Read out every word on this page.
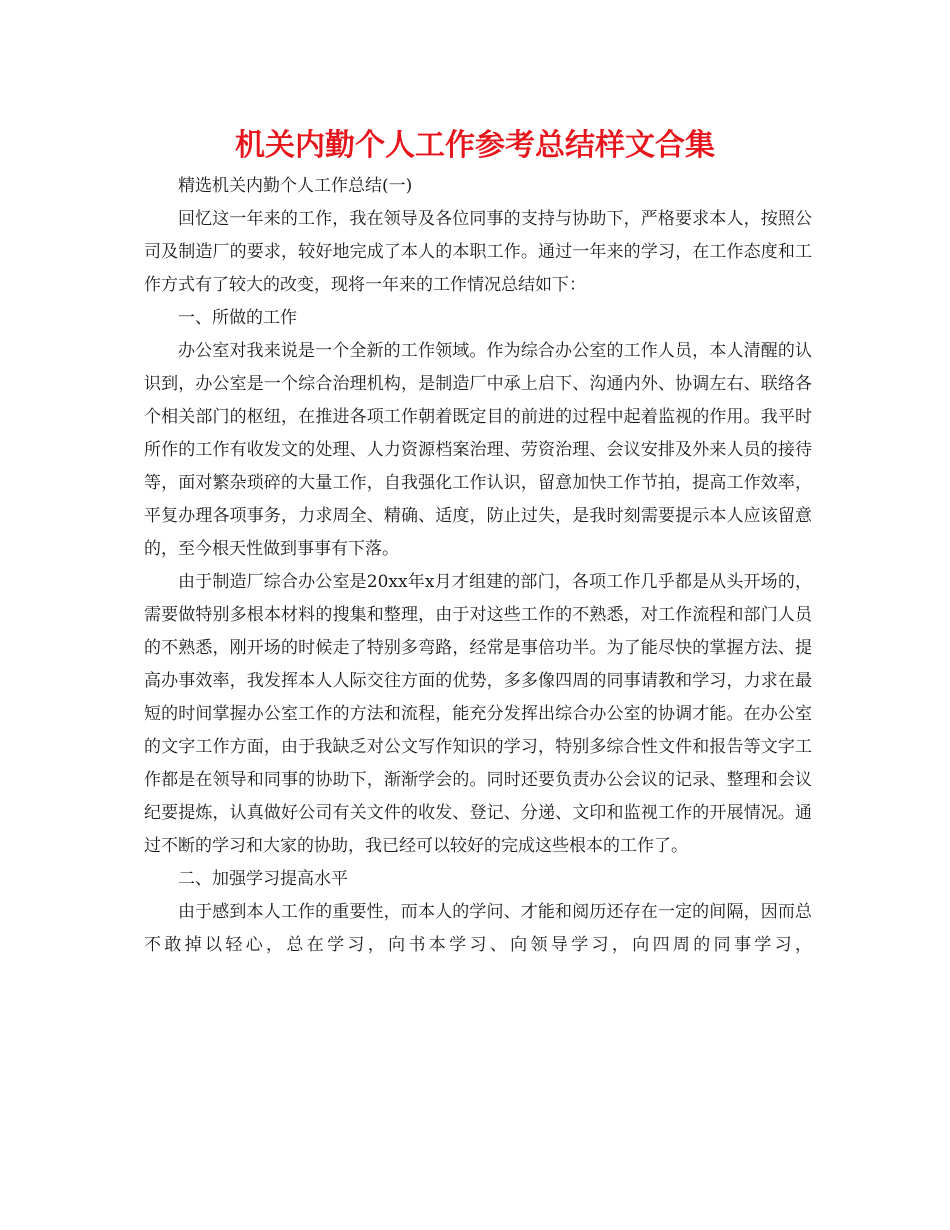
机关内勤个人工作参考总结样文合集

精选机关内勤个人工作总结(一)

回忆这一年来的工作，我在领导及各位同事的支持与协助下，严格要求本人，按照公司及制造厂的要求，较好地完成了本人的本职工作。通过一年来的学习，在工作态度和工作方式有了较大的改变，现将一年来的工作情况总结如下：

一、所做的工作

办公室对我来说是一个全新的工作领域。作为综合办公室的工作人员，本人清醒的认识到，办公室是一个综合治理机构，是制造厂中承上启下、沟通内外、协调左右、联络各个相关部门的枢纽，在推进各项工作朝着既定目的前进的过程中起着监视的作用。我平时所作的工作有收发文的处理、人力资源档案治理、劳资治理、会议安排及外来人员的接待等，面对繁杂琐碎的大量工作，自我强化工作认识，留意加快工作节拍，提高工作效率，平复办理各项事务，力求周全、精确、适度，防止过失，是我时刻需要提示本人应该留意的，至今根天性做到事事有下落。

由于制造厂综合办公室是20xx年x月才组建的部门，各项工作几乎都是从头开场的，需要做特别多根本材料的搜集和整理，由于对这些工作的不熟悉，对工作流程和部门人员的不熟悉，刚开场的时候走了特别多弯路，经常是事倍功半。为了能尽快的掌握方法、提高办事效率，我发挥本人人际交往方面的优势，多多像四周的同事请教和学习，力求在最短的时间掌握办公室工作的方法和流程，能充分发挥出综合办公室的协调才能。在办公室的文字工作方面，由于我缺乏对公文写作知识的学习，特别多综合性文件和报告等文字工作都是在领导和同事的协助下，渐渐学会的。同时还要负责办公会议的记录、整理和会议纪要提炼，认真做好公司有关文件的收发、登记、分递、文印和监视工作的开展情况。通过不断的学习和大家的协助，我已经可以较好的完成这些根本的工作了。

二、加强学习提高水平

由于感到本人工作的重要性，而本人的学问、才能和阅历还存在一定的间隔，因而总不敢掉以轻心，总在学习，向书本学习、向领导学习，向四周的同事学习，
